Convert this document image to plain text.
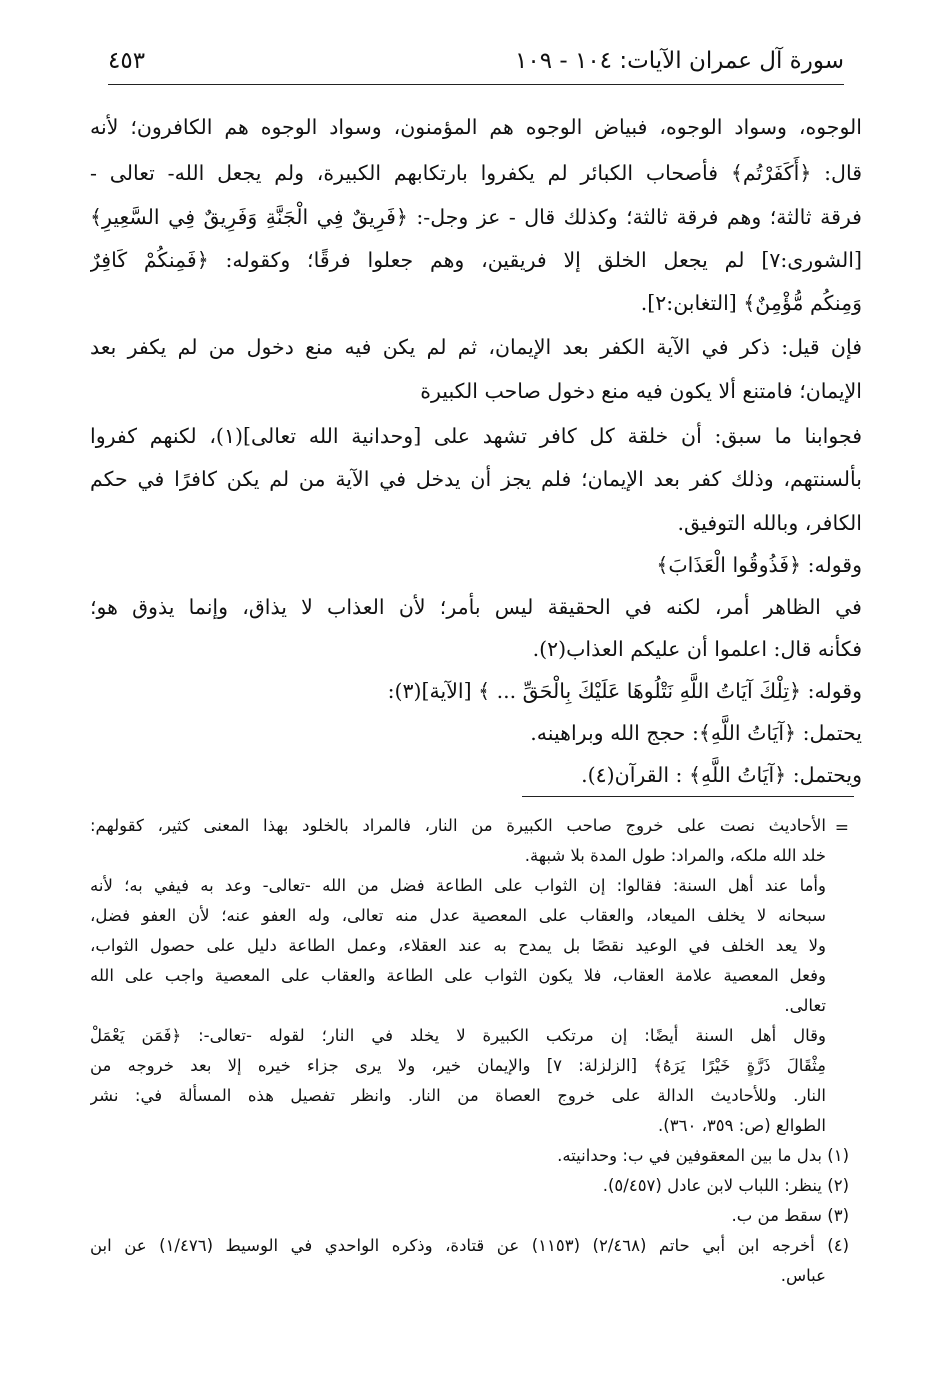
سورة آل عمران الآيات: ١٠٤ - ١٠٩
٤٥٣
الوجوه، وسواد الوجوه، فبياض الوجوه هم المؤمنون، وسواد الوجوه هم الكافرون؛ لأنه
قال: ﴿أَكَفَرْتُم﴾ فأصحاب الكبائر لم يكفروا بارتكابهم الكبيرة، ولم يجعل الله- تعالى -
فرقة ثالثة؛ وهم فرقة ثالثة؛ وكذلك قال - عز وجل-: ﴿فَرِيقٌ فِي الْجَنَّةِ وَفَرِيقٌ فِي السَّعِيرِ﴾
[الشورى:٧] لم يجعل الخلق إلا فريقين، وهم جعلوا فرقًا؛ وكقوله: ﴿فَمِنكُمْ كَافِرٌ
وَمِنكُم مُّؤْمِنٌ﴾ [التغابن:٢].
فإن قيل: ذكر في الآية الكفر بعد الإيمان، ثم لم يكن فيه منع دخول من لم يكفر بعد
الإيمان؛ فامتنع ألا يكون فيه منع دخول صاحب الكبيرة
فجوابنا ما سبق: أن خلقة كل كافر تشهد على [وحدانية الله تعالى](١)، لكنهم كفروا
بألسنتهم، وذلك كفر بعد الإيمان؛ فلم يجز أن يدخل في الآية من لم يكن كافرًا في حكم
الكافر، وبالله التوفيق.
وقوله: ﴿فَذُوقُوا الْعَذَابَ﴾
في الظاهر أمر، لكنه في الحقيقة ليس بأمر؛ لأن العذاب لا يذاق، وإنما يذوق هو؛
فكأنه قال: اعلموا أن عليكم العذاب(٢).
وقوله: ﴿تِلْكَ آيَاتُ اللَّهِ نَتْلُوهَا عَلَيْكَ بِالْحَقِّ ... ﴾ [الآية](٣):
يحتمل: ﴿آيَاتُ اللَّهِ﴾: حجج الله وبراهينه.
ويحتمل: ﴿آيَاتُ اللَّهِ﴾ : القرآن(٤).
=
الأحاديث نصت على خروج صاحب الكبيرة من النار، فالمراد بالخلود بهذا المعنى كثير، كقولهم:
خلد الله ملكه، والمراد: طول المدة بلا شبهة.
وأما عند أهل السنة: فقالوا: إن الثواب على الطاعة فضل من الله -تعالى- وعد به فيفي به؛ لأنه
سبحانه لا يخلف الميعاد، والعقاب على المعصية عدل منه تعالى، وله العفو عنه؛ لأن العفو فضل،
ولا يعد الخلف في الوعيد نقصًا بل يمدح به عند العقلاء، وعمل الطاعة دليل على حصول الثواب،
وفعل المعصية علامة العقاب، فلا يكون الثواب على الطاعة والعقاب على المعصية واجب على الله
تعالى.
وقال أهل السنة أيضًا: إن مرتكب الكبيرة لا يخلد في النار؛ لقوله -تعالى-: ﴿فَمَن يَعْمَلْ
مِثْقَالَ ذَرَّةٍ خَيْرًا يَرَهُ﴾ [الزلزلة: ٧] والإيمان خير، ولا يرى جزاء خيره إلا بعد خروجه من
النار. وللأحاديث الدالة على خروج العصاة من النار. وانظر تفصيل هذه المسألة في: نشر
الطوالع (ص: ٣٥٩، ٣٦٠).
(١) بدل ما بين المعقوفين في ب: وحدانيته.
(٢) ينظر: اللباب لابن عادل (٥/٤٥٧).
(٣) سقط من ب.
(٤) أخرجه ابن أبي حاتم (٢/٤٦٨) (١١٥٣) عن قتادة، وذكره الواحدي في الوسيط (١/٤٧٦) عن ابن
عباس.
